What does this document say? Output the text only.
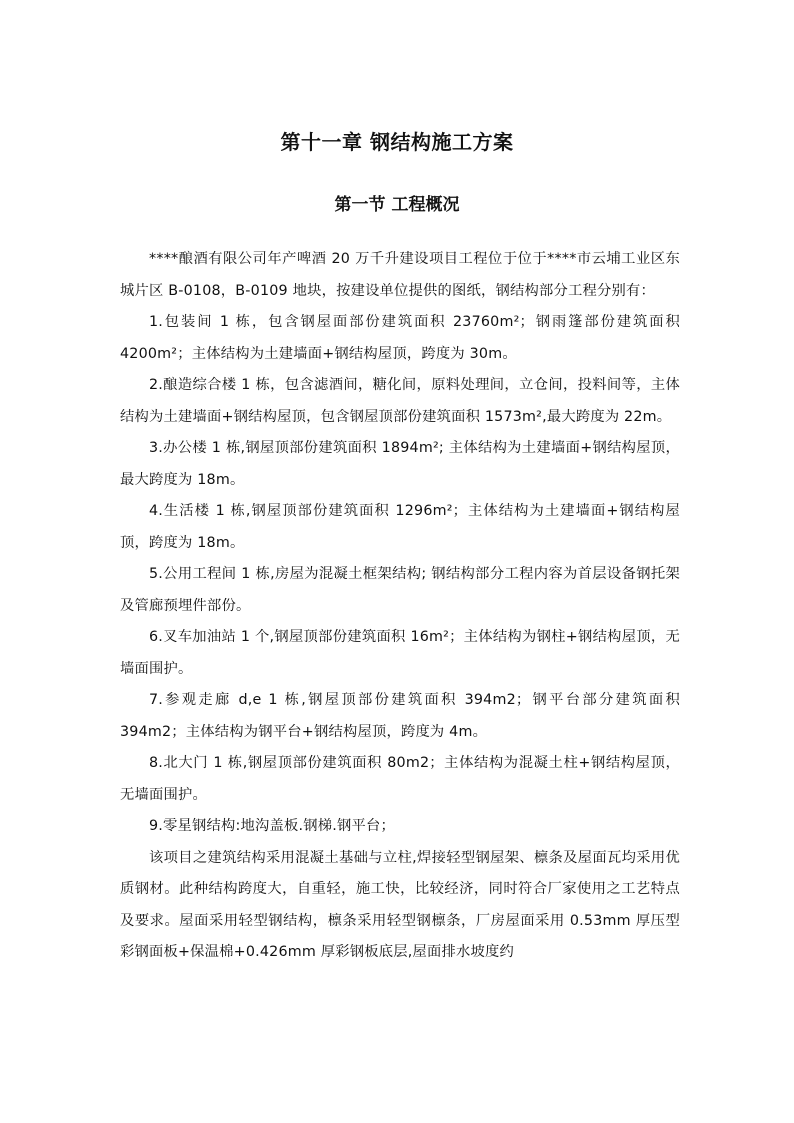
第十一章 钢结构施工方案
第一节 工程概况

****酿酒有限公司年产啤酒 20 万千升建设项目工程位于位于****市云埔工业区东城片区 B-0108，B-0109 地块，按建设单位提供的图纸，钢结构部分工程分别有：

1.包装间 1 栋，包含钢屋面部份建筑面积 23760m²；钢雨篷部份建筑面积 4200m²；主体结构为土建墙面+钢结构屋顶，跨度为 30m。

2.酿造综合楼 1 栋，包含滤酒间，糖化间，原料处理间，立仓间，投料间等，主体结构为土建墙面+钢结构屋顶，包含钢屋顶部份建筑面积 1573m²,最大跨度为 22m。

3.办公楼 1 栋,钢屋顶部份建筑面积 1894m²; 主体结构为土建墙面+钢结构屋顶，最大跨度为 18m。

4.生活楼 1 栋,钢屋顶部份建筑面积 1296m²；主体结构为土建墙面+钢结构屋顶，跨度为 18m。

5.公用工程间 1 栋,房屋为混凝土框架结构; 钢结构部分工程内容为首层设备钢托架及管廊预埋件部份。

6.叉车加油站 1 个,钢屋顶部份建筑面积 16m²；主体结构为钢柱+钢结构屋顶，无墙面围护。

7.参观走廊 d,e 1 栋,钢屋顶部份建筑面积 394m2；钢平台部分建筑面积 394m2；主体结构为钢平台+钢结构屋顶，跨度为 4m。

8.北大门 1 栋,钢屋顶部份建筑面积 80m2；主体结构为混凝土柱+钢结构屋顶，无墙面围护。

9.零星钢结构:地沟盖板.钢梯.钢平台；

该项目之建筑结构采用混凝土基础与立柱,焊接轻型钢屋架、檩条及屋面瓦均采用优质钢材。此种结构跨度大，自重轻，施工快，比较经济，同时符合厂家使用之工艺特点及要求。屋面采用轻型钢结构，檩条采用轻型钢檩条，厂房屋面采用 0.53mm 厚压型彩钢面板+保温棉+0.426mm 厚彩钢板底层,屋面排水坡度约
